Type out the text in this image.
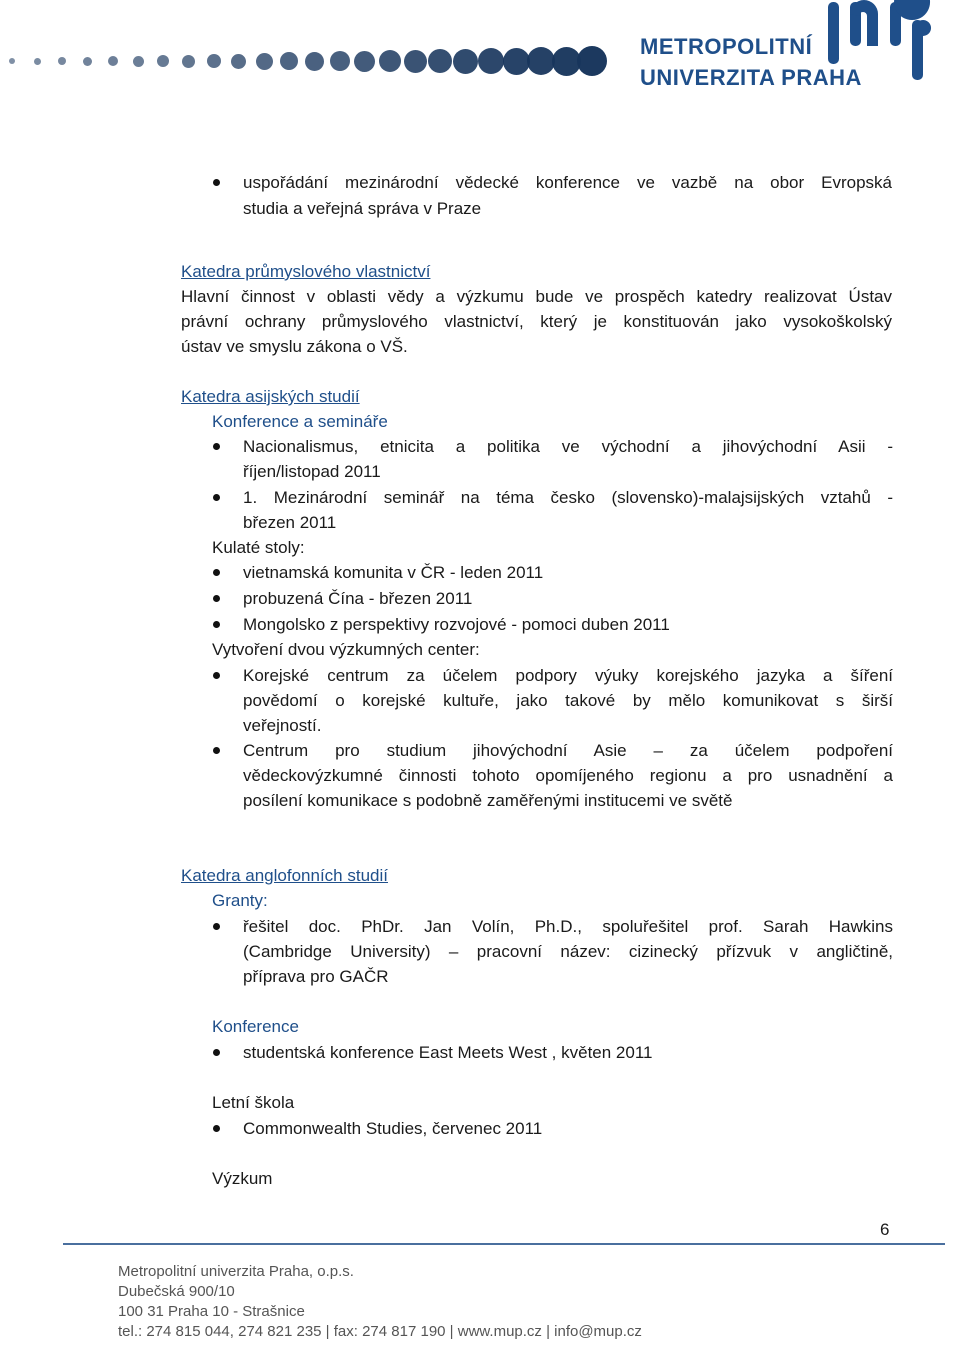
METROPOLITNÍ
UNIVERZITA PRAHA
uspořádání mezinárodní vědecké konference ve vazbě na obor Evropská
studia a veřejná správa v Praze
Katedra průmyslového vlastnictví
Hlavní činnost v oblasti vědy a výzkumu bude ve prospěch katedry realizovat Ústav
právní ochrany průmyslového vlastnictví, který je konstituován jako vysokoškolský
ústav ve smyslu zákona o VŠ.
Katedra asijských studií
Konference a semináře
Nacionalismus, etnicita a politika ve východní a jihovýchodní Asii -
říjen/listopad 2011
1. Mezinárodní seminář na téma česko (slovensko)-malajsijských vztahů -
březen 2011
Kulaté stoly:
vietnamská komunita v ČR - leden 2011
probuzená Čína - březen 2011
Mongolsko z perspektivy rozvojové - pomoci duben 2011
Vytvoření dvou výzkumných center:
Korejské centrum za účelem podpory výuky korejského jazyka a šíření
povědomí o korejské kultuře, jako takové by mělo komunikovat s širší
veřejností.
Centrum pro studium jihovýchodní Asie – za účelem podpoření
vědeckovýzkumné činnosti tohoto opomíjeného regionu a pro usnadnění a
posílení komunikace s podobně zaměřenými institucemi ve světě
Katedra anglofonních studií
Granty:
řešitel doc. PhDr. Jan Volín, Ph.D., spoluřešitel prof. Sarah Hawkins
(Cambridge University) – pracovní název: cizinecký přízvuk v angličtině,
příprava pro GAČR
Konference
studentská konference East Meets West , květen 2011
Letní škola
Commonwealth Studies, červenec 2011
Výzkum
6
Metropolitní univerzita Praha, o.p.s.
Dubečská 900/10
100 31 Praha 10 - Strašnice
tel.: 274 815 044, 274 821 235 | fax: 274 817 190 | www.mup.cz | info@mup.cz
